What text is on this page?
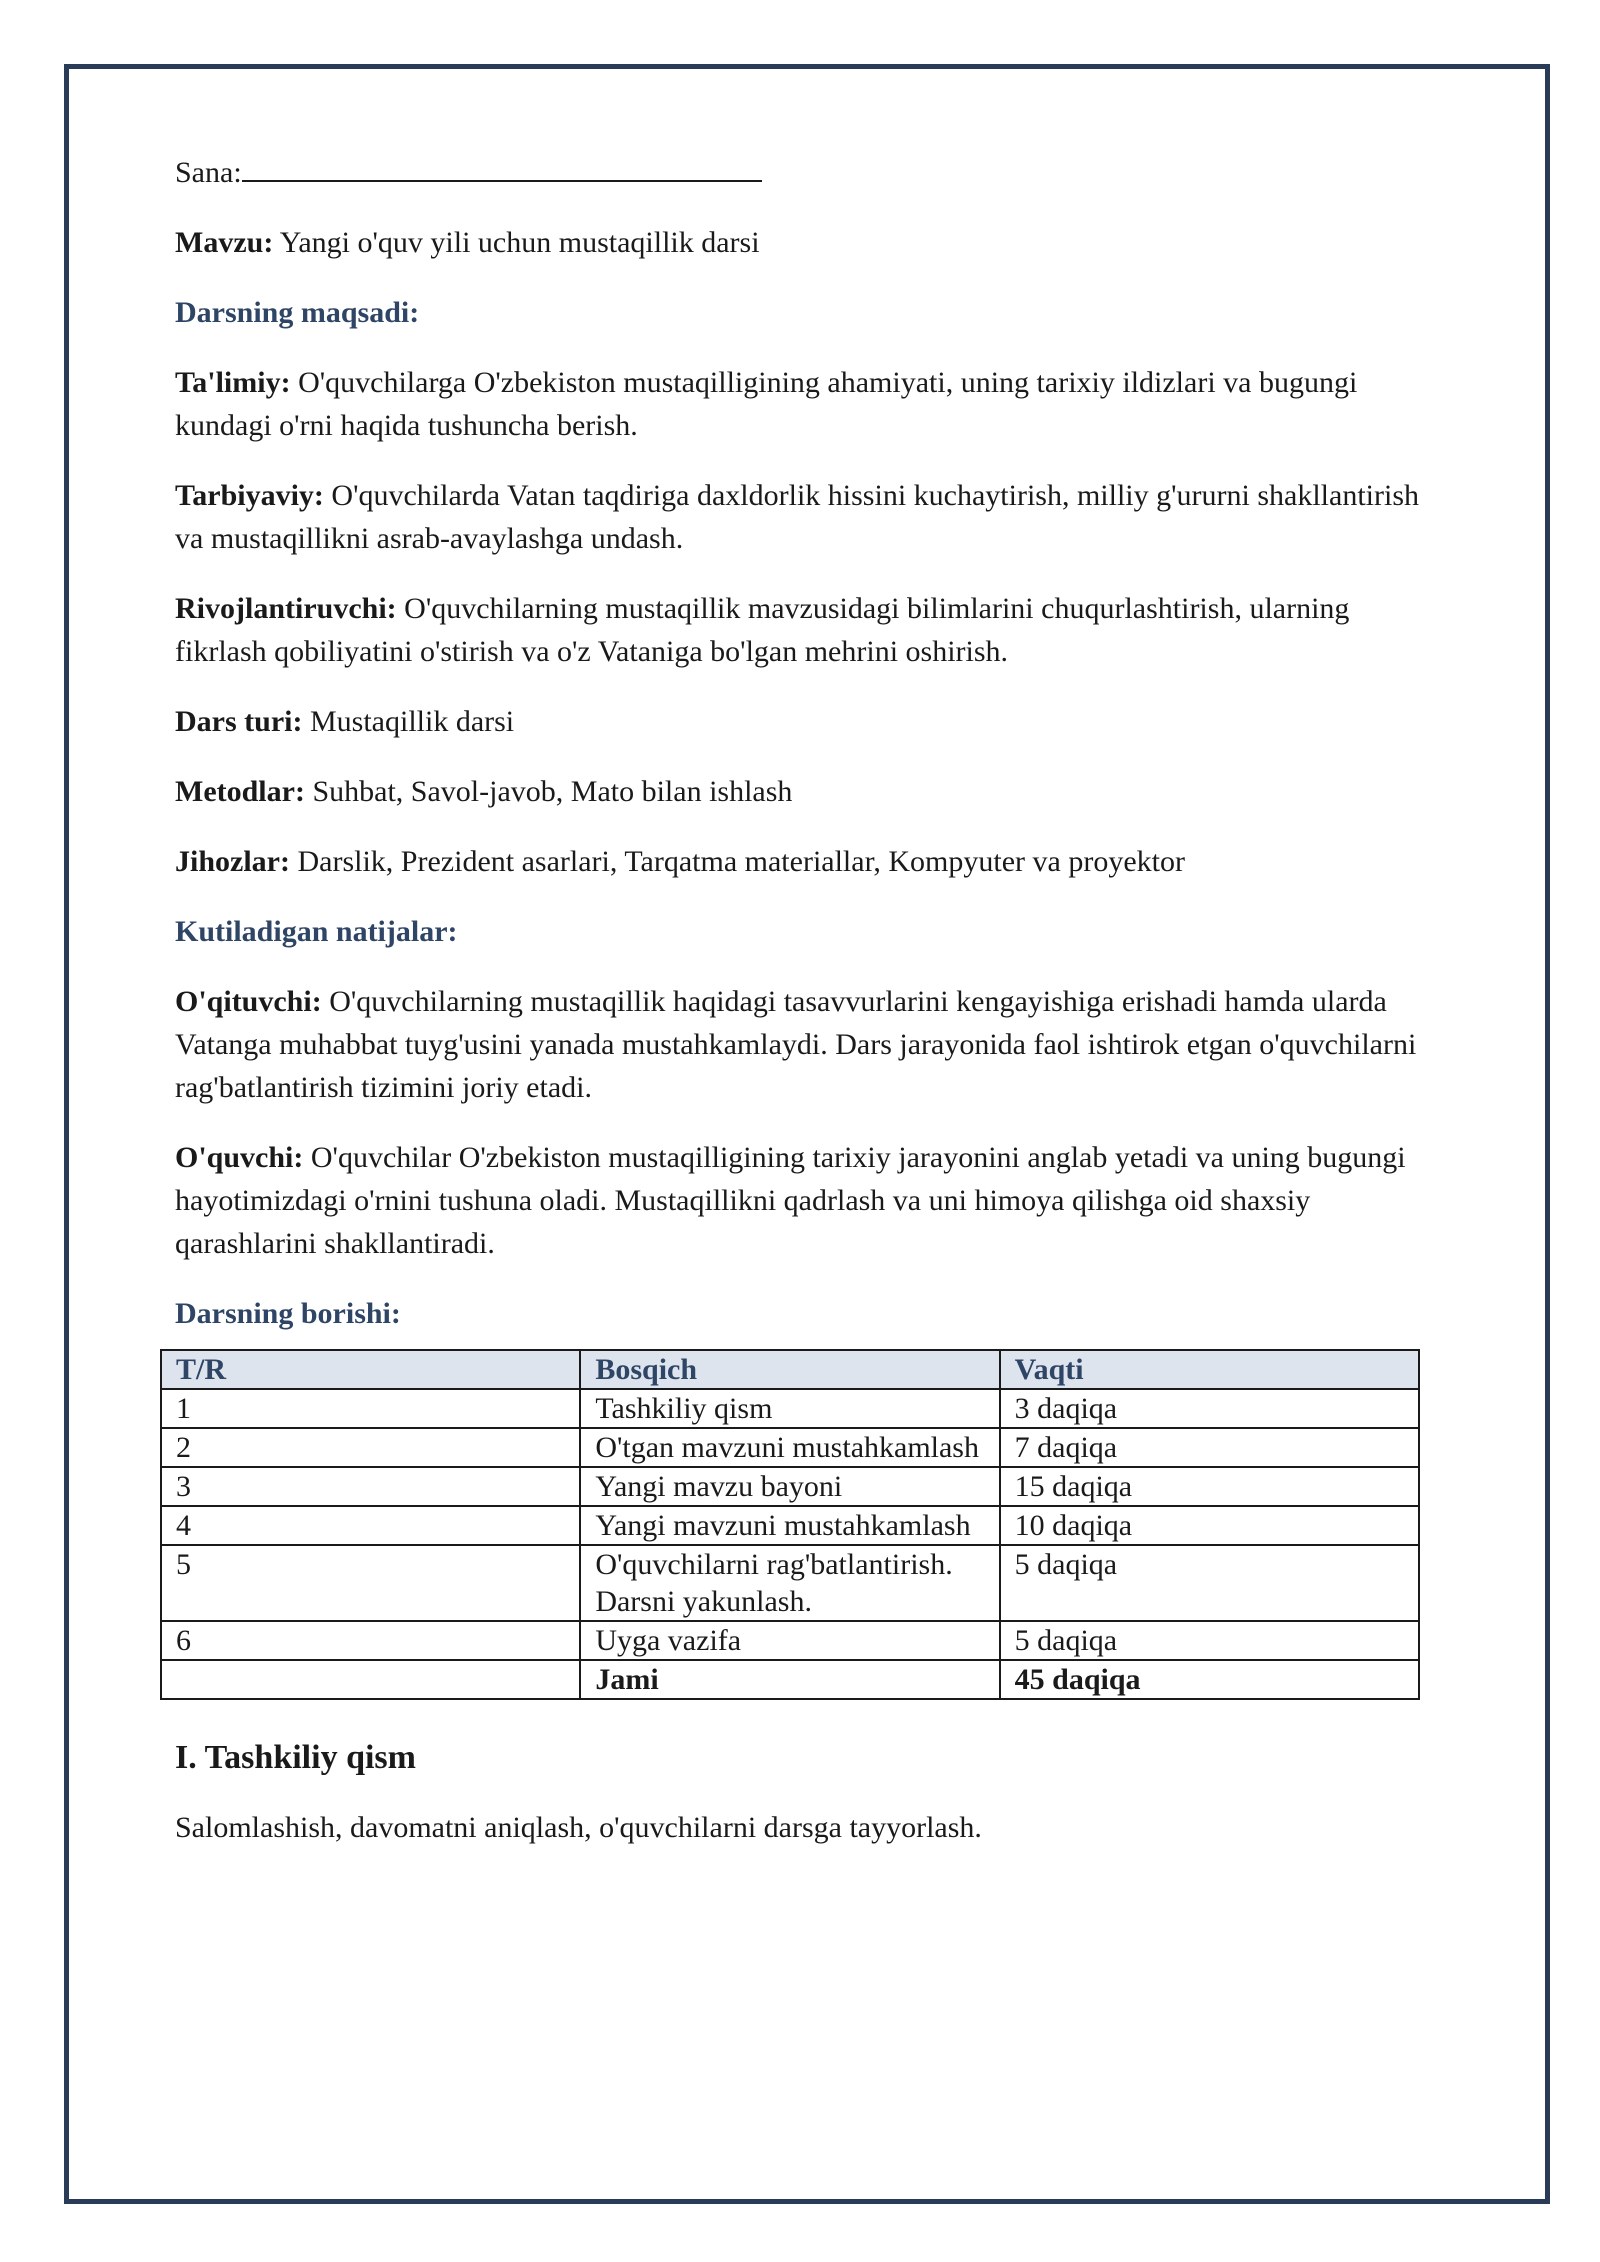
Sana:

Mavzu: Yangi o'quv yili uchun mustaqillik darsi

Darsning maqsadi:

Ta'limiy: O'quvchilarga O'zbekiston mustaqilligining ahamiyati, uning tarixiy ildizlari va bugungi kundagi o'rni haqida tushuncha berish.

Tarbiyaviy: O'quvchilarda Vatan taqdiriga daxldorlik hissini kuchaytirish, milliy g'ururni shakllantirish va mustaqillikni asrab-avaylashga undash.

Rivojlantiruvchi: O'quvchilarning mustaqillik mavzusidagi bilimlarini chuqurlashtirish, ularning fikrlash qobiliyatini o'stirish va o'z Vataniga bo'lgan mehrini oshirish.

Dars turi: Mustaqillik darsi

Metodlar: Suhbat, Savol-javob, Mato bilan ishlash

Jihozlar: Darslik, Prezident asarlari, Tarqatma materiallar, Kompyuter va proyektor

Kutiladigan natijalar:

O'qituvchi: O'quvchilarning mustaqillik haqidagi tasavvurlarini kengayishiga erishadi hamda ularda Vatanga muhabbat tuyg'usini yanada mustahkamlaydi. Dars jarayonida faol ishtirok etgan o'quvchilarni rag'batlantirish tizimini joriy etadi.

O'quvchi: O'quvchilar O'zbekiston mustaqilligining tarixiy jarayonini anglab yetadi va uning bugungi hayotimizdagi o'rnini tushuna oladi. Mustaqillikni qadrlash va uni himoya qilishga oid shaxsiy qarashlarini shakllantiradi.

Darsning borishi:

T/R	Bosqich	Vaqti
1	Tashkiliy qism	3 daqiqa
2	O'tgan mavzuni mustahkamlash	7 daqiqa
3	Yangi mavzu bayoni	15 daqiqa
4	Yangi mavzuni mustahkamlash	10 daqiqa
5	O'quvchilarni rag'batlantirish. Darsni yakunlash.	5 daqiqa
6	Uyga vazifa	5 daqiqa
	Jami	45 daqiqa

I. Tashkiliy qism

Salomlashish, davomatni aniqlash, o'quvchilarni darsga tayyorlash.
